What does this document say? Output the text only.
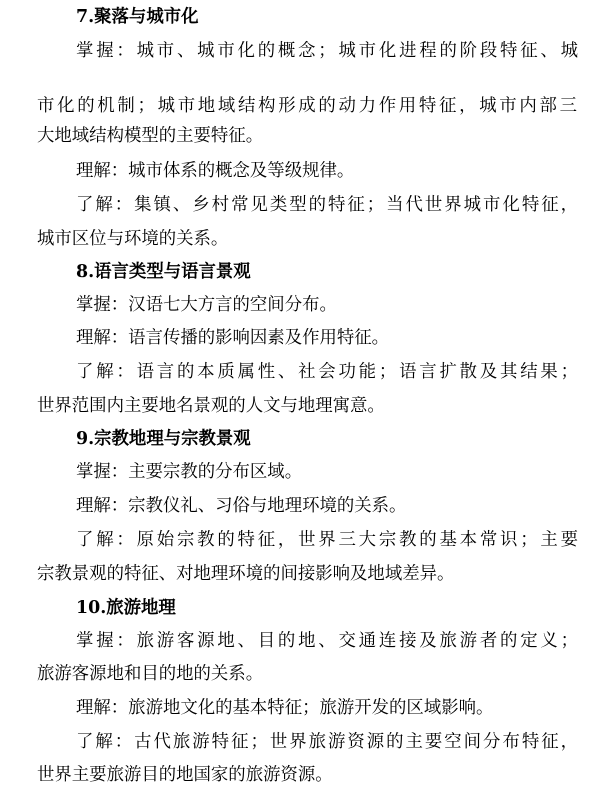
7.聚落与城市化
掌握：城市、城市化的概念；城市化进程的阶段特征、城
市化的机制；城市地域结构形成的动力作用特征，城市内部三
大地域结构模型的主要特征。
理解：城市体系的概念及等级规律。
了解：集镇、乡村常见类型的特征；当代世界城市化特征，
城市区位与环境的关系。
8.语言类型与语言景观
掌握：汉语七大方言的空间分布。
理解：语言传播的影响因素及作用特征。
了解：语言的本质属性、社会功能；语言扩散及其结果；
世界范围内主要地名景观的人文与地理寓意。
9.宗教地理与宗教景观
掌握：主要宗教的分布区域。
理解：宗教仪礼、习俗与地理环境的关系。
了解：原始宗教的特征，世界三大宗教的基本常识；主要
宗教景观的特征、对地理环境的间接影响及地域差异。
10.旅游地理
掌握：旅游客源地、目的地、交通连接及旅游者的定义；
旅游客源地和目的地的关系。
理解：旅游地文化的基本特征；旅游开发的区域影响。
了解：古代旅游特征；世界旅游资源的主要空间分布特征，
世界主要旅游目的地国家的旅游资源。
